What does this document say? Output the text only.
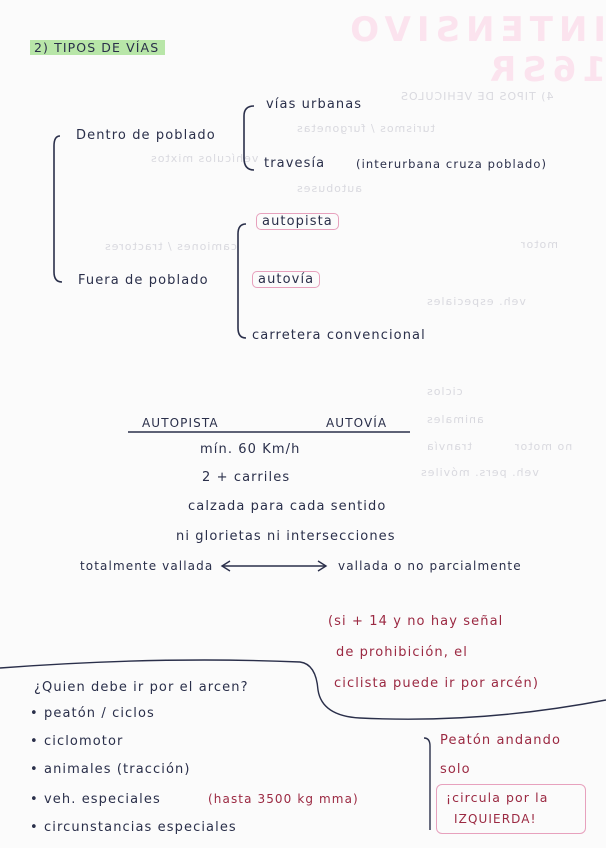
INTENSIVO 16SR
4) TIPOS DE VEHICULOS
turismos / furgonetas
vehículos mixtos
autobuses
motor
camiones / tractores
ciclos
animales
tranvía	no motor
veh. especiales
veh. pers. móviles
2) TIPOS DE VÍAS
Dentro de poblado
Fuera de poblado
vías urbanas
travesía	(interurbana cruza poblado)
autopista
autovía
carretera convencional
AUTOPISTA	AUTOVÍA
mín. 60 Km/h
2 + carriles
calzada para cada sentido
ni glorietas ni intersecciones
totalmente vallada	vallada o no parcialmente
(si + 14 y no hay señal
de prohibición, el
ciclista puede ir por arcén)
¿Quien debe ir por el arcen?
• peatón / ciclos
• ciclomotor
• animales (tracción)
• veh. especiales	(hasta 3500 kg mma)
• circunstancias especiales
Peatón andando
solo
¡circula por la
IZQUIERDA!
